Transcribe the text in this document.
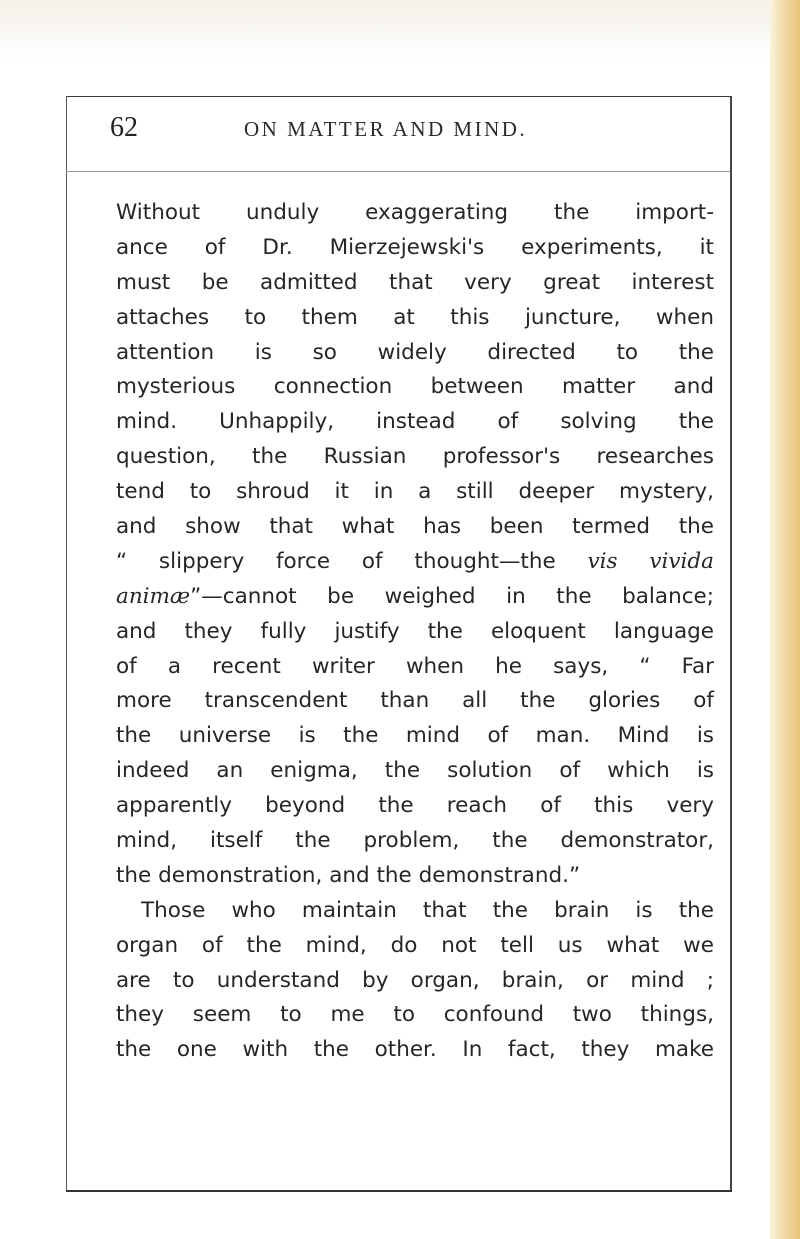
62	ON MATTER AND MIND.
Without unduly exaggerating the import-
ance of Dr. Mierzejewski's experiments, it
must be admitted that very great interest
attaches to them at this juncture, when
attention is so widely directed to the
mysterious connection between matter and
mind. Unhappily, instead of solving the
question, the Russian professor's researches
tend to shroud it in a still deeper mystery,
and show that what has been termed the
“ slippery force of thought—the vis vivida
animæ”—cannot be weighed in the balance;
and they fully justify the eloquent language
of a recent writer when he says, “ Far
more transcendent than all the glories of
the universe is the mind of man. Mind is
indeed an enigma, the solution of which is
apparently beyond the reach of this very
mind, itself the problem, the demonstrator,
the demonstration, and the demonstrand.”
Those who maintain that the brain is the
organ of the mind, do not tell us what we
are to understand by organ, brain, or mind ;
they seem to me to confound two things,
the one with the other. In fact, they make
